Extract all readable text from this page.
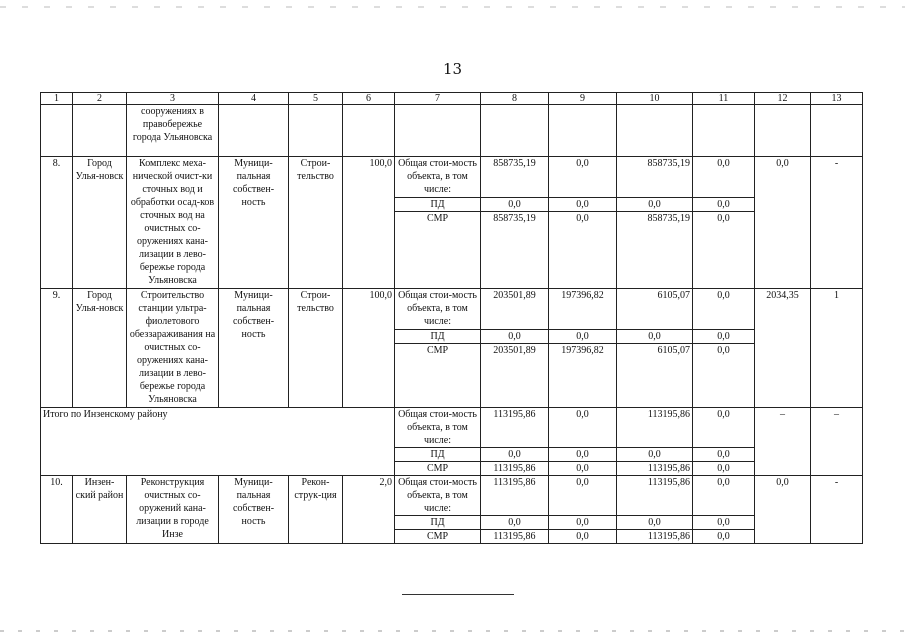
13
1	2	3	4	5	6	7	8	9	10	11	12	13
		сооружениях в правобережье города Ульяновска										
8.	Город Улья-новск	Комплекс меха-нической очист-ки сточных вод и обработки осад-ков сточных вод на очистных со-оружениях кана-лизации в лево-бережье города Ульяновска	Муници-пальная собствен-ность	Строи-тельство	100,0	Общая стои-мость объекта, в том числе:	858735,19	0,0	858735,19	0,0	0,0	-
						ПД	0,0	0,0	0,0	0,0		
						СМР	858735,19	0,0	858735,19	0,0		
9.	Город Улья-новск	Строительство станции ультра-фиолетового обеззараживания на очистных со-оружениях кана-лизации в лево-бережье города Ульяновска	Муници-пальная собствен-ность	Строи-тельство	100,0	Общая стои-мость объекта, в том числе:	203501,89	197396,82	6105,07	0,0	2034,35	1
						ПД	0,0	0,0	0,0	0,0		
						СМР	203501,89	197396,82	6105,07	0,0		
Итого по Инзенскому району						Общая стои-мость объекта, в том числе:	113195,86	0,0	113195,86	0,0	–	–
						ПД	0,0	0,0	0,0	0,0		
						СМР	113195,86	0,0	113195,86	0,0		
10.	Инзен-ский район	Реконструкция очистных со-оружений кана-лизации в городе Инзе	Муници-пальная собствен-ность	Рекон-струк-ция	2,0	Общая стои-мость объекта, в том числе:	113195,86	0,0	113195,86	0,0	0,0	-
						ПД	0,0	0,0	0,0	0,0		
						СМР	113195,86	0,0	113195,86	0,0		
